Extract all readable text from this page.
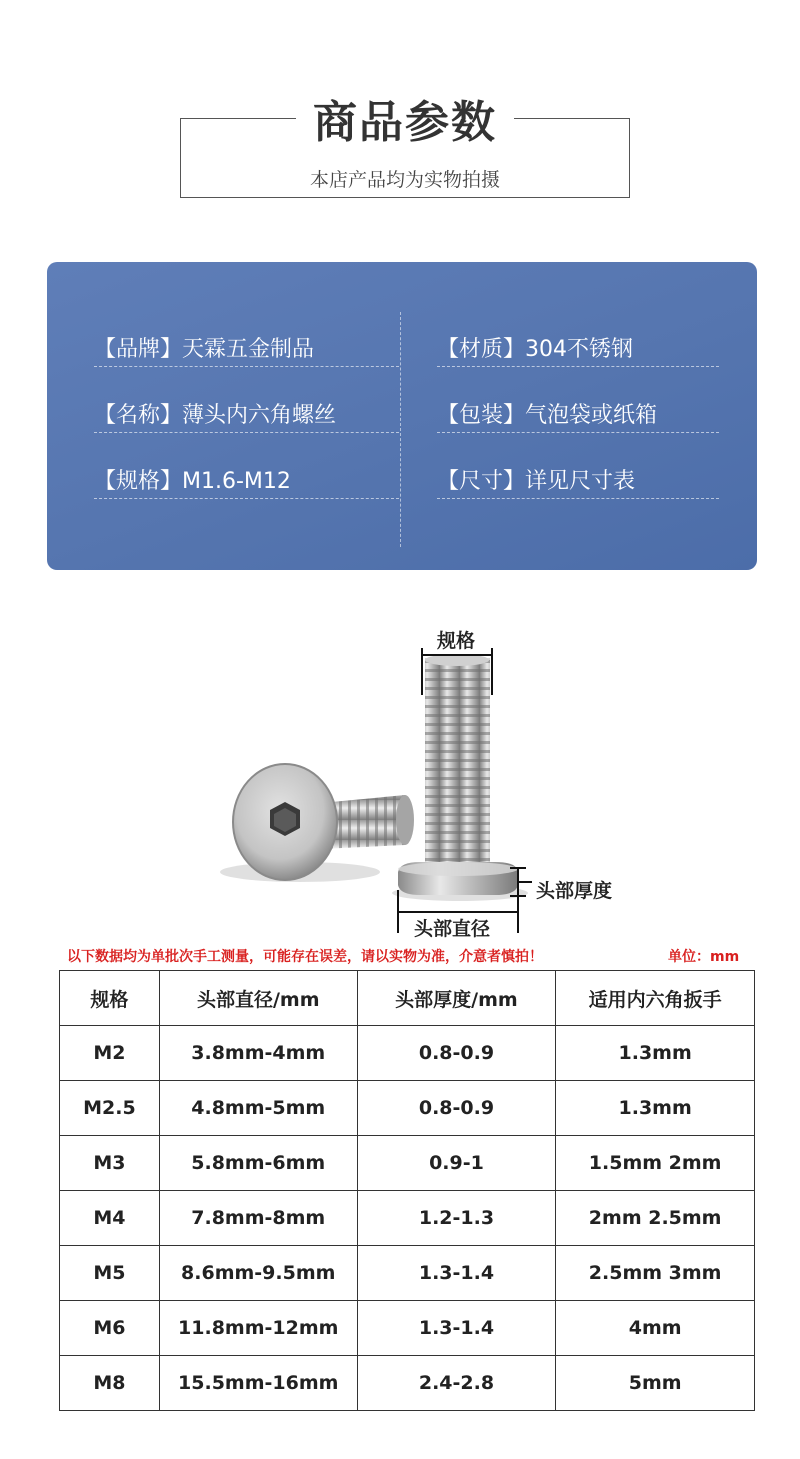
商品参数
本店产品均为实物拍摄
【品牌】天霖五金制品
【名称】薄头内六角螺丝
【规格】M1.6-M12
【材质】304不锈钢
【包装】气泡袋或纸箱
【尺寸】详见尺寸表
规格
头部厚度
头部直径
以下数据均为单批次手工测量，可能存在误差，请以实物为准，介意者慎拍！	单位：mm
规格	头部直径/mm	头部厚度/mm	适用内六角扳手
M2	3.8mm-4mm	0.8-0.9	1.3mm
M2.5	4.8mm-5mm	0.8-0.9	1.3mm
M3	5.8mm-6mm	0.9-1	1.5mm 2mm
M4	7.8mm-8mm	1.2-1.3	2mm 2.5mm
M5	8.6mm-9.5mm	1.3-1.4	2.5mm 3mm
M6	11.8mm-12mm	1.3-1.4	4mm
M8	15.5mm-16mm	2.4-2.8	5mm
